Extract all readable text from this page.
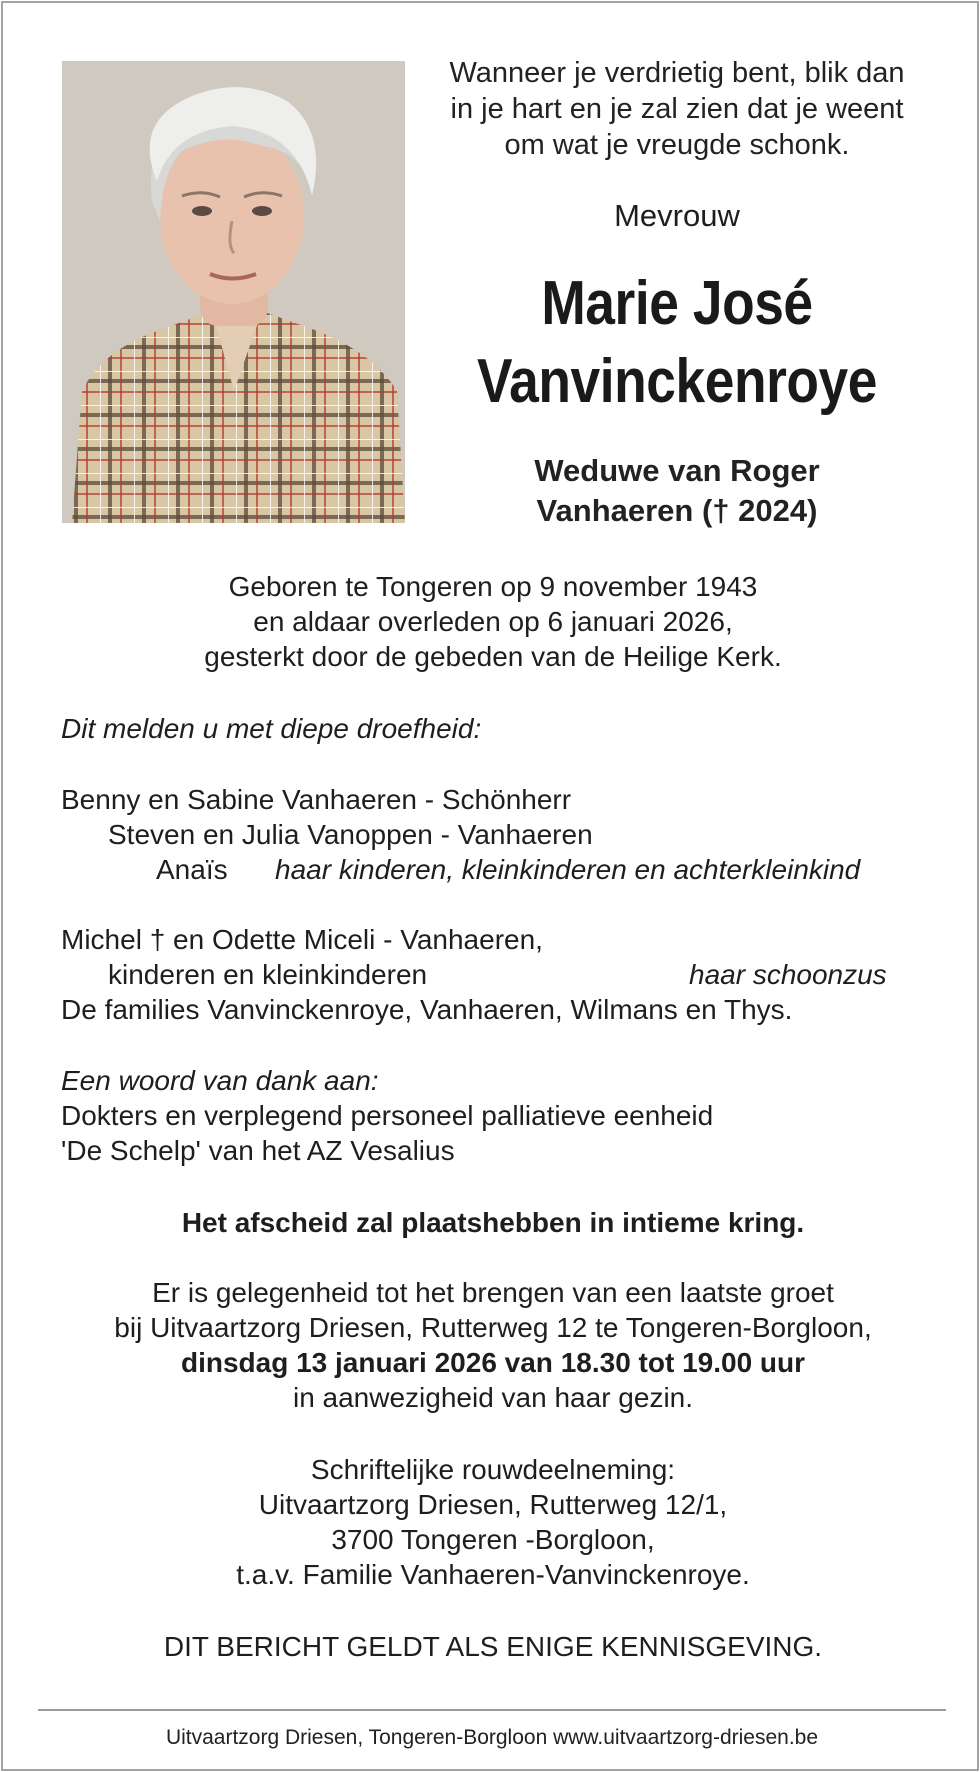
Wanneer je verdrietig bent, blik dan
in je hart en je zal zien dat je weent
om wat je vreugde schonk.
Mevrouw
Marie José
Vanvinckenroye
Weduwe van Roger
Vanhaeren († 2024)
Geboren te Tongeren op 9 november 1943
en aldaar overleden op 6 januari 2026,
gesterkt door de gebeden van de Heilige Kerk.
Dit melden u met diepe droefheid:
Benny en Sabine Vanhaeren - Schönherr
Steven en Julia Vanoppen - Vanhaeren
Anaïs haar kinderen, kleinkinderen en achterkleinkind
Michel † en Odette Miceli - Vanhaeren,
kinderen en kleinkinderen	haar schoonzus
De families Vanvinckenroye, Vanhaeren, Wilmans en Thys.
Een woord van dank aan:
Dokters en verplegend personeel palliatieve eenheid
'De Schelp' van het AZ Vesalius
Het afscheid zal plaatshebben in intieme kring.
Er is gelegenheid tot het brengen van een laatste groet
bij Uitvaartzorg Driesen, Rutterweg 12 te Tongeren-Borgloon,
dinsdag 13 januari 2026 van 18.30 tot 19.00 uur
in aanwezigheid van haar gezin.
Schriftelijke rouwdeelneming:
Uitvaartzorg Driesen, Rutterweg 12/1,
3700 Tongeren -Borgloon,
t.a.v. Familie Vanhaeren-Vanvinckenroye.
DIT BERICHT GELDT ALS ENIGE KENNISGEVING.
Uitvaartzorg Driesen, Tongeren-Borgloon www.uitvaartzorg-driesen.be
